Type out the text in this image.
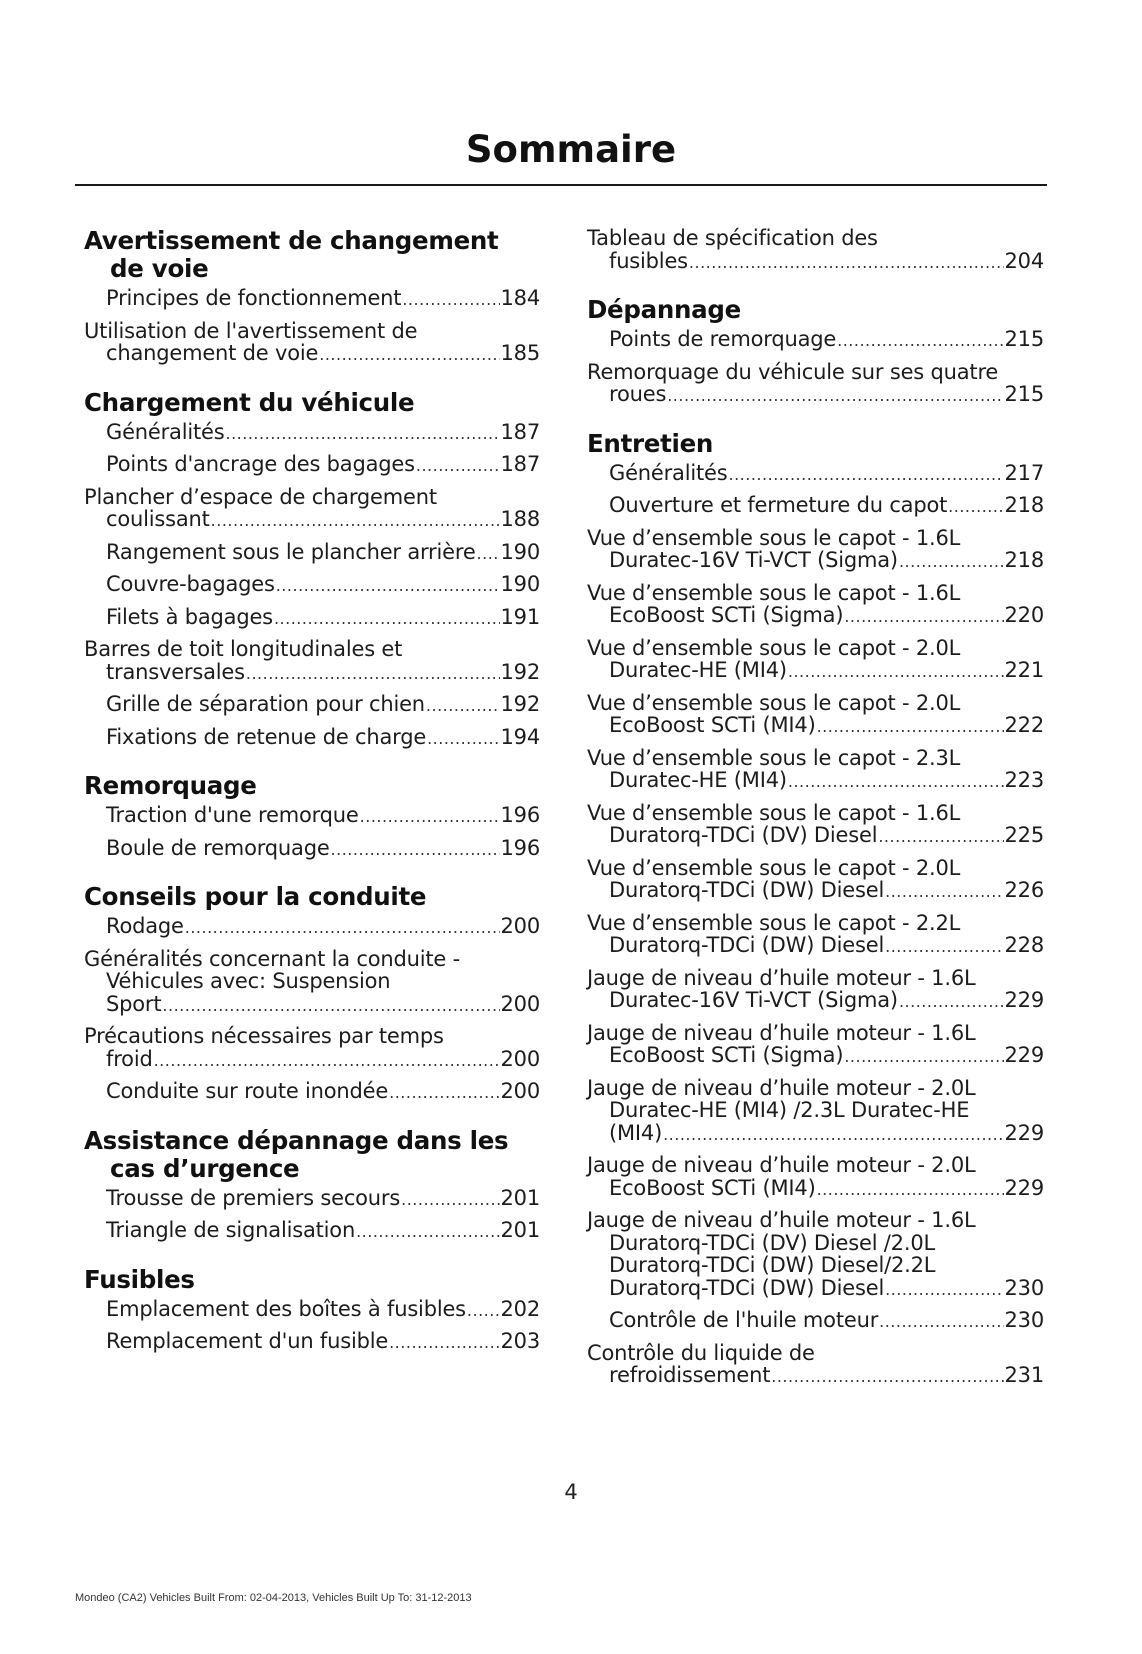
Sommaire
Avertissement de changement de voie
Principes de fonctionnement .....	184
Utilisation de l'avertissement de
changement de voie .....	185
Chargement du véhicule
Généralités .....	187
Points d'ancrage des bagages .....	187
Plancher d’espace de chargement
coulissant .....	188
Rangement sous le plancher arrière ..... 190
Couvre-bagages .....	190
Filets à bagages .....	191
Barres de toit longitudinales et
transversales .....	192
Grille de séparation pour chien .....	192
Fixations de retenue de charge .....	194
Remorquage
Traction d'une remorque .....	196
Boule de remorquage .....	196
Conseils pour la conduite
Rodage .....	200
Généralités concernant la conduite -
Véhicules avec: Suspension
Sport .....	200
Précautions nécessaires par temps
froid .....	200
Conduite sur route inondée .....	200
Assistance dépannage dans les cas d’urgence
Trousse de premiers secours .....	201
Triangle de signalisation .....	201
Fusibles
Emplacement des boîtes à fusibles ..... 202
Remplacement d'un fusible .....	203
Tableau de spécification des
fusibles .....	204
Dépannage
Points de remorquage .....	215
Remorquage du véhicule sur ses quatre
roues .....	215
Entretien
Généralités .....	217
Ouverture et fermeture du capot .....	218
Vue d’ensemble sous le capot - 1.6L
Duratec-16V Ti-VCT (Sigma) .....	218
Vue d’ensemble sous le capot - 1.6L
EcoBoost SCTi (Sigma) .....	220
Vue d’ensemble sous le capot - 2.0L
Duratec-HE (MI4) .....	221
Vue d’ensemble sous le capot - 2.0L
EcoBoost SCTi (MI4) .....	222
Vue d’ensemble sous le capot - 2.3L
Duratec-HE (MI4) .....	223
Vue d’ensemble sous le capot - 1.6L
Duratorq-TDCi (DV) Diesel .....	225
Vue d’ensemble sous le capot - 2.0L
Duratorq-TDCi (DW) Diesel .....	226
Vue d’ensemble sous le capot - 2.2L
Duratorq-TDCi (DW) Diesel .....	228
Jauge de niveau d’huile moteur - 1.6L
Duratec-16V Ti-VCT (Sigma) .....	229
Jauge de niveau d’huile moteur - 1.6L
EcoBoost SCTi (Sigma) .....	229
Jauge de niveau d’huile moteur - 2.0L
Duratec-HE (MI4) /2.3L Duratec-HE
(MI4) .....	229
Jauge de niveau d’huile moteur - 2.0L
EcoBoost SCTi (MI4) .....	229
Jauge de niveau d’huile moteur - 1.6L
Duratorq-TDCi (DV) Diesel /2.0L
Duratorq-TDCi (DW) Diesel/2.2L
Duratorq-TDCi (DW) Diesel .....	230
Contrôle de l'huile moteur .....	230
Contrôle du liquide de
refroidissement .....	231
4
Mondeo (CA2) Vehicles Built From: 02-04-2013, Vehicles Built Up To: 31-12-2013
